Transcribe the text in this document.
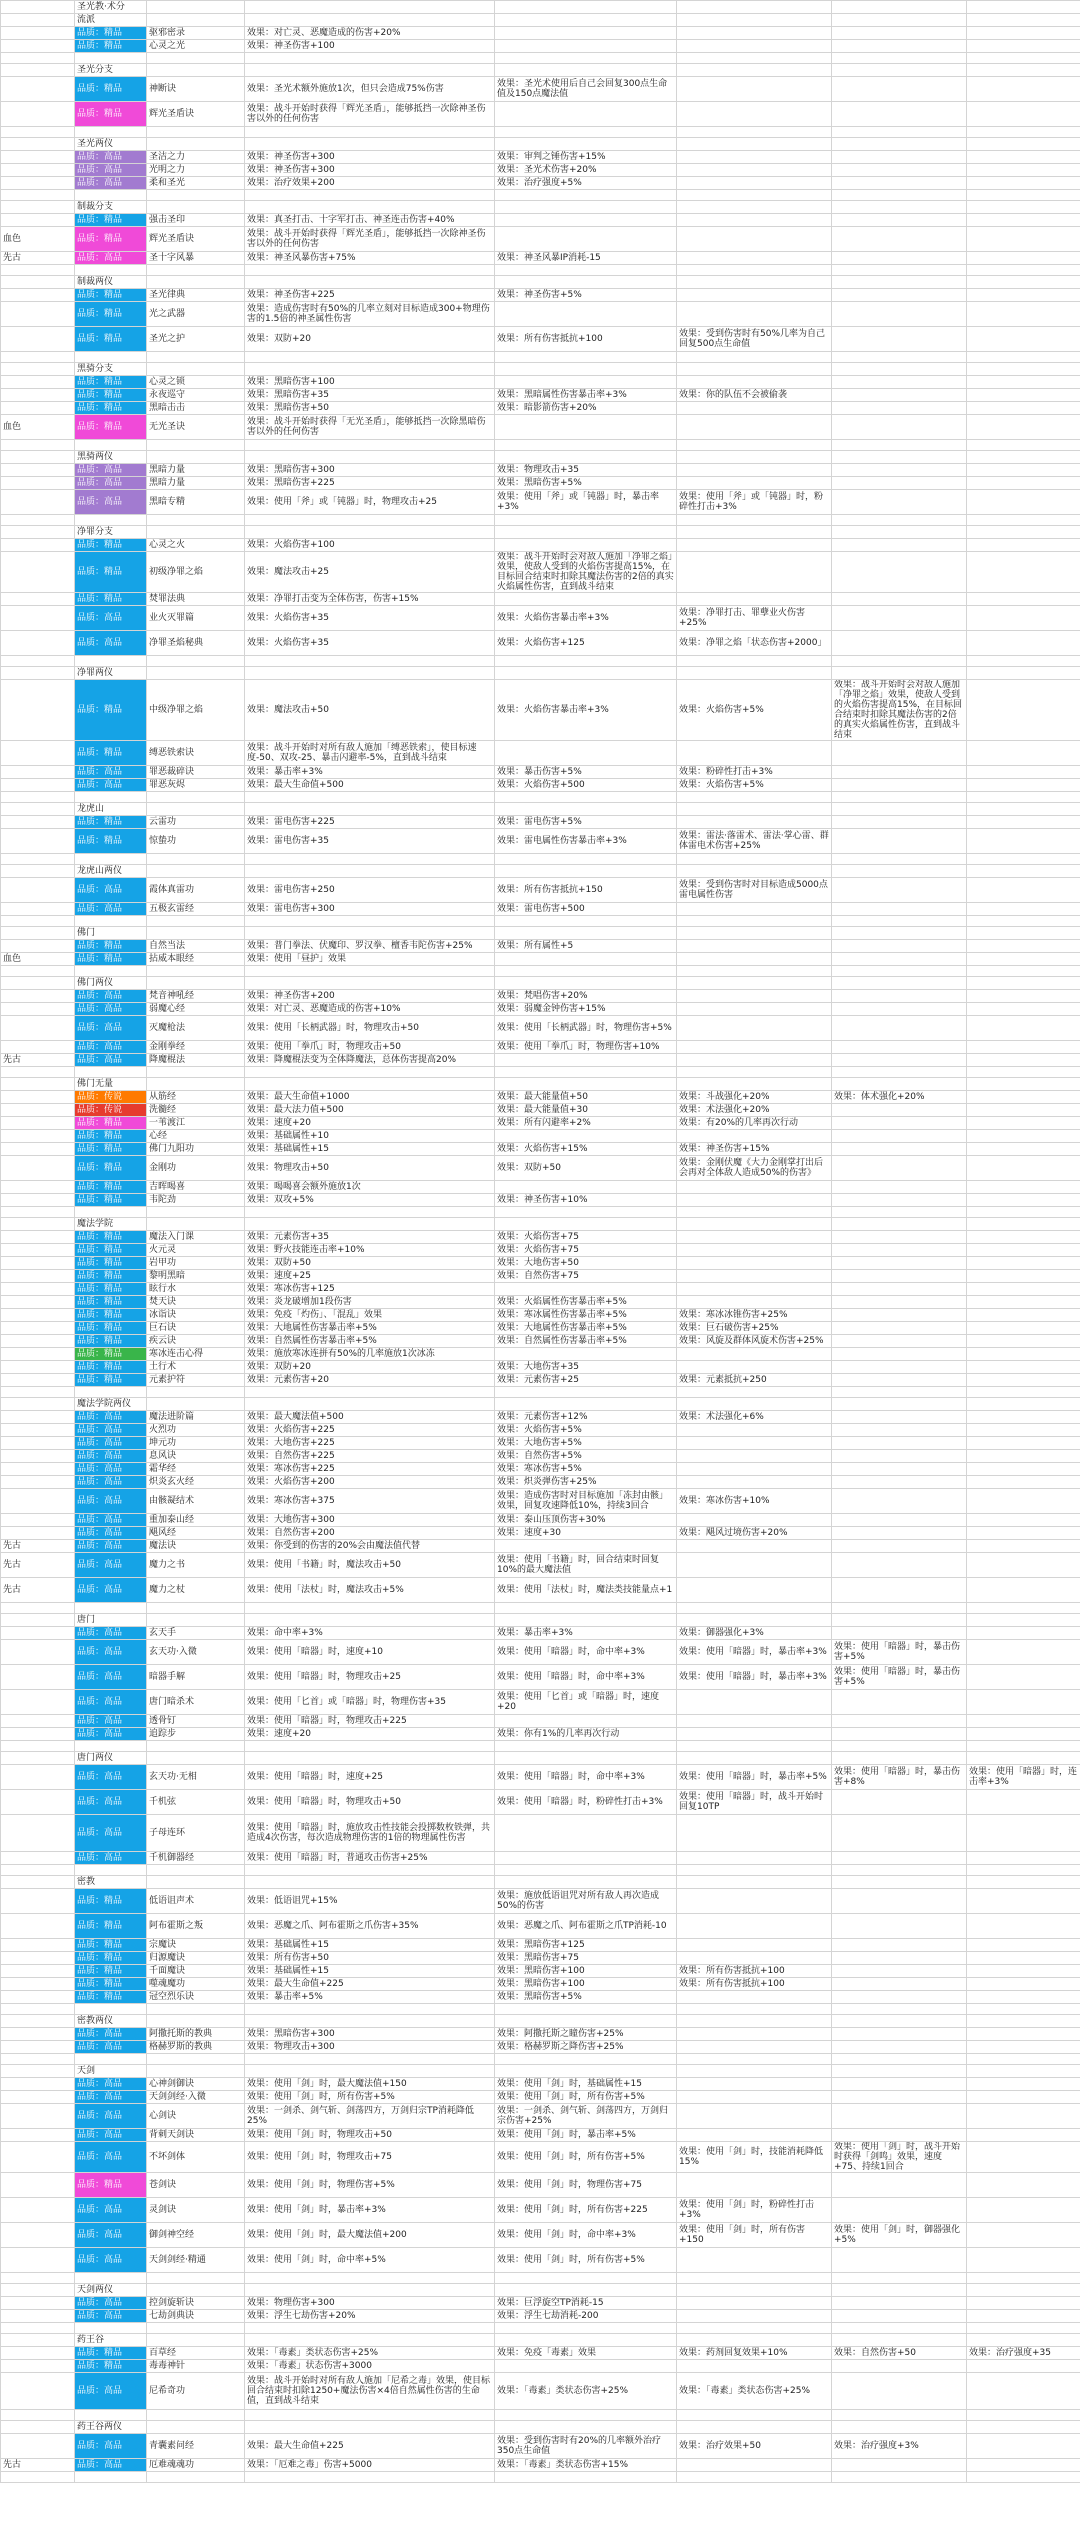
	圣光教·术分						
	流派						
	品质：精品	驱邪密录	效果：对亡灵、恶魔造成的伤害+20%				
	品质：精品	心灵之光	效果：神圣伤害+100				

	圣光分支						
	品质：精品	神断诀	效果：圣光术额外施放1次，但只会造成75%伤害	效果：圣光术使用后自己会回复300点生命值及150点魔法值			
	品质：精品	辉光圣盾诀	效果：战斗开始时获得「辉光圣盾」，能够抵挡一次除神圣伤害以外的任何伤害				

	圣光两仪						
	品质：高品	圣洁之力	效果：神圣伤害+300	效果：审判之锤伤害+15%			
	品质：高品	光明之力	效果：神圣伤害+300	效果：圣光术伤害+20%			
	品质：高品	柔和圣光	效果：治疗效果+200	效果：治疗强度+5%			

	制裁分支						
	品质：精品	强击圣印	效果：真圣打击、十字军打击、神圣连击伤害+40%				
血色	品质：精品	辉光圣盾诀	效果：战斗开始时获得「辉光圣盾」，能够抵挡一次除神圣伤害以外的任何伤害				
先古	品质：高品	圣十字风暴	效果：神圣风暴伤害+75%	效果：神圣风暴IP消耗-15			

	制裁两仪						
	品质：精品	圣光律典	效果：神圣伤害+225	效果：神圣伤害+5%			
	品质：精品	光之武器	效果：造成伤害时有50%的几率立刻对目标造成300+物理伤害的1.5倍的神圣属性伤害				
	品质：精品	圣光之护	效果：双防+20	效果：所有伤害抵抗+100	效果：受到伤害时有50%几率为自己回复500点生命值		

	黑骑分支						
	品质：精品	心灵之锁	效果：黑暗伤害+100				
	品质：精品	永夜巡守	效果：黑暗伤害+35	效果：黑暗属性伤害暴击率+3%	效果：你的队伍不会被偷袭		
	品质：精品	黑暗击击	效果：黑暗伤害+50	效果：暗影箭伤害+20%			
血色	品质：精品	无光圣诀	效果：战斗开始时获得「无光圣盾」，能够抵挡一次除黑暗伤害以外的任何伤害				

	黑骑两仪						
	品质：高品	黑暗力量	效果：黑暗伤害+300	效果：物理攻击+35			
	品质：高品	黑暗力量	效果：黑暗伤害+225	效果：黑暗伤害+5%			
	品质：高品	黑暗专精	效果：使用「斧」或「钝器」时，物理攻击+25	效果：使用「斧」或「钝器」时，暴击率+3%	效果：使用「斧」或「钝器」时，粉碎性打击+3%		

	净罪分支						
	品质：精品	心灵之火	效果：火焰伤害+100				
	品质：精品	初级净罪之焰	效果：魔法攻击+25	效果：战斗开始时会对敌人施加「净罪之焰」效果，使敌人受到的火焰伤害提高15%，在目标回合结束时扣除其魔法伤害的2倍的真实火焰属性伤害，直到战斗结束			
	品质：精品	焚罪法典	效果：净罪打击变为全体伤害，伤害+15%				
	品质：高品	业火灭罪篇	效果：火焰伤害+35	效果：火焰伤害暴击率+3%	效果：净罪打击、罪孽业火伤害+25%		
	品质：高品	净罪圣焰秘典	效果：火焰伤害+35	效果：火焰伤害+125	效果：净罪之焰「状态伤害+2000」		

	净罪两仪						
	品质：精品	中级净罪之焰	效果：魔法攻击+50	效果：火焰伤害暴击率+3%	效果：火焰伤害+5%	效果：战斗开始时会对敌人施加「净罪之焰」效果，使敌人受到的火焰伤害提高15%，在目标回合结束时扣除其魔法伤害的2倍的真实火焰属性伤害，直到战斗结束	
	品质：精品	缚恶铁索诀	效果：战斗开始时对所有敌人施加「缚恶铁索」，使目标速度-50、双攻-25、暴击闪避率-5%，直到战斗结束				
	品质：高品	罪恶裁碎诀	效果：暴击率+3%	效果：暴击伤害+5%	效果：粉碎性打击+3%		
	品质：高品	罪恶灰烬	效果：最大生命值+500	效果：火焰伤害+500	效果：火焰伤害+5%		

	龙虎山						
	品质：精品	云雷功	效果：雷电伤害+225	效果：雷电伤害+5%			
	品质：精品	惊蛰功	效果：雷电伤害+35	效果：雷电属性伤害暴击率+3%	效果：雷法·落雷术、雷法·掌心雷、群体雷电术伤害+25%		

	龙虎山两仪						
	品质：高品	霞体真雷功	效果：雷电伤害+250	效果：所有伤害抵抗+150	效果：受到伤害时对目标造成5000点雷电属性伤害		
	品质：高品	五极玄雷经	效果：雷电伤害+300	效果：雷电伤害+500			

	佛门						
	品质：精品	自然当法	效果：普门拳法、伏魔印、罗汉拳、檀香韦陀伤害+25%	效果：所有属性+5			
血色	品质：精品	拈威本眼经	效果：使用「昼护」效果				

	佛门两仪						
	品质：高品	梵音神吼经	效果：神圣伤害+200	效果：梵唱伤害+20%			
	品质：高品	弱魔心经	效果：对亡灵、恶魔造成的伤害+10%	效果：弱魔金钟伤害+15%			
	品质：高品	灭魔枪法	效果：使用「长柄武器」时，物理攻击+50	效果：使用「长柄武器」时，物理伤害+5%			
	品质：高品	金刚拳经	效果：使用「拳爪」时，物理攻击+50	效果：使用「拳爪」时，物理伤害+10%			
先古	品质：高品	降魔棍法	效果：降魔棍法变为全体降魔法，总体伤害提高20%				

	佛门无量						
	品质：传说	从筋经	效果：最大生命值+1000	效果：最大能量值+50	效果：斗战强化+20%	效果：体术强化+20%	
	品质：传说	洗髓经	效果：最大法力值+500	效果：最大能量值+30	效果：术法强化+20%		
	品质：精品	一苇渡江	效果：速度+20	效果：所有闪避率+2%	效果：有20%的几率再次行动		
	品质：精品	心经	效果：基础属性+10				
	品质：精品	佛门九阳功	效果：基础属性+15	效果：火焰伤害+15%	效果：神圣伤害+15%		
	品质：精品	金刚功	效果：物理攻击+50	效果：双防+50	效果：金刚伏魔《大力金刚掌打出后会再对全体敌人造成50%的伤害》		
	品质：精品	吉晖喝喜	效果：喝喝喜会额外施放1次				
	品质：精品	韦陀劲	效果：双攻+5%	效果：神圣伤害+10%			

	魔法学院						
	品质：精品	魔法入门课	效果：元素伤害+35	效果：火焰伤害+75			
	品质：精品	火元灵	效果：野火技能连击率+10%	效果：火焰伤害+75			
	品质：精品	岩甲功	效果：双防+50	效果：大地伤害+50			
	品质：精品	黎明黑暗	效果：速度+25	效果：自然伤害+75			
	品质：精品	眩行水	效果：寒冰伤害+125				
	品质：精品	焚天诀	效果：炎龙破增加1段伤害	效果：火焰属性伤害暴击率+5%			
	品质：精品	冰诣诀	效果：免疫「灼伤」、「混乱」效果	效果：寒冰属性伤害暴击率+5%	效果：寒冰冰锥伤害+25%		
	品质：精品	巨石诀	效果：大地属性伤害暴击率+5%	效果：大地属性伤害暴击率+5%	效果：巨石破伤害+25%		
	品质：精品	疾云诀	效果：自然属性伤害暴击率+5%	效果：自然属性伤害暴击率+5%	效果：风旋及群体风旋术伤害+25%		
	品质：精品	寒冰连击心得	效果：施放寒冰连拼有50%的几率施放1次冰冻				
	品质：精品	土行术	效果：双防+20	效果：大地伤害+35			
	品质：精品	元素护符	效果：元素伤害+20	效果：元素伤害+25	效果：元素抵抗+250		

	魔法学院两仪						
	品质：高品	魔法进阶篇	效果：最大魔法值+500	效果：元素伤害+12%	效果：术法强化+6%		
	品质：高品	火烈功	效果：火焰伤害+225	效果：火焰伤害+5%			
	品质：高品	坤元功	效果：大地伤害+225	效果：大地伤害+5%			
	品质：高品	息风诀	效果：自然伤害+225	效果：自然伤害+5%			
	品质：高品	霜华经	效果：寒冰伤害+225	效果：寒冰伤害+5%			
	品质：高品	炽炎玄火经	效果：火焰伤害+200	效果：炽炎弹伤害+25%			
	品质：高品	由骸凝结术	效果：寒冰伤害+375	效果：造成伤害时对目标施加「冻封由骸」效果，回复攻速降低10%，持续3回合	效果：寒冰伤害+10%		
	品质：高品	重加泰山经	效果：大地伤害+300	效果：泰山压顶伤害+30%			
	品质：高品	飓风经	效果：自然伤害+200	效果：速度+30	效果：飓风过境伤害+20%		
先古	品质：高品	魔法诀	效果：你受到的伤害的20%会由魔法值代替				
先古	品质：高品	魔力之书	效果：使用「书籍」时，魔法攻击+50	效果：使用「书籍」时，回合结束时回复10%的最大魔法值			
先古	品质：高品	魔力之杖	效果：使用「法杖」时，魔法攻击+5%	效果：使用「法杖」时，魔法类技能量点+1			

	唐门						
	品质：高品	玄天手	效果：命中率+3%	效果：暴击率+3%	效果：御器强化+3%		
	品质：高品	玄天功·入微	效果：使用「暗器」时，速度+10	效果：使用「暗器」时，命中率+3%	效果：使用「暗器」时，暴击率+3%	效果：使用「暗器」时，暴击伤害+5%	
	品质：高品	暗器手解	效果：使用「暗器」时，物理攻击+25	效果：使用「暗器」时，命中率+3%	效果：使用「暗器」时，暴击率+3%	效果：使用「暗器」时，暴击伤害+5%	
	品质：高品	唐门暗杀术	效果：使用「匕首」或「暗器」时，物理伤害+35	效果：使用「匕首」或「暗器」时，速度+20			
	品质：高品	透骨钉	效果：使用「暗器」时，物理攻击+225				
	品质：高品	追踪步	效果：速度+20	效果：你有1%的几率再次行动			

	唐门两仪						
	品质：高品	玄天功·无相	效果：使用「暗器」时，速度+25	效果：使用「暗器」时，命中率+3%	效果：使用「暗器」时，暴击率+5%	效果：使用「暗器」时，暴击伤害+8%	效果：使用「暗器」时，连击率+3%
	品质：高品	千机弦	效果：使用「暗器」时，物理攻击+50	效果：使用「暗器」时，粉碎性打击+3%	效果：使用「暗器」时，战斗开始时回复10TP		
	品质：高品	子母连环	效果：使用「暗器」时，施放攻击性技能会投掷数枚铁弹，共造成4次伤害，每次造成物理伤害的1倍的物理属性伤害				
	品质：高品	千机御器经	效果：使用「暗器」时，普通攻击伤害+25%				

	密教						
	品质：精品	低语诅声术	效果：低语诅咒+15%	效果：施放低语诅咒对所有敌人再次造成50%的伤害			
	品质：精品	阿布霍斯之叛	效果：恶魔之爪、阿布霍斯之爪伤害+35%	效果：恶魔之爪、阿布霍斯之爪TP消耗-10			
	品质：精品	宗魔诀	效果：基础属性+15	效果：黑暗伤害+125			
	品质：精品	归源魔诀	效果：所有伤害+50	效果：黑暗伤害+75			
	品质：精品	千面魔诀	效果：基础属性+15	效果：黑暗伤害+100	效果：所有伤害抵抗+100		
	品质：精品	噬魂魔功	效果：最大生命值+225	效果：黑暗伤害+100	效果：所有伤害抵抗+100		
	品质：精品	冠空烈乐诀	效果：暴击率+5%	效果：黑暗伤害+5%			

	密教两仪						
	品质：高品	阿撒托斯的教典	效果：黑暗伤害+300	效果：阿撒托斯之瞳伤害+25%			
	品质：高品	格赫罗斯的教典	效果：物理攻击+300	效果：格赫罗斯之降伤害+25%			

	天剑						
	品质：高品	心神剑御诀	效果：使用「剑」时，最大魔法值+150	效果：使用「剑」时，基础属性+15			
	品质：高品	天剑剑经·入微	效果：使用「剑」时，所有伤害+5%	效果：使用「剑」时，所有伤害+5%			
	品质：高品	心剑诀	效果：一剑杀、剑气斩、剑荡四方，万剑归宗TP消耗降低25%	效果：一剑杀、剑气斩、剑荡四方，万剑归宗伤害+25%			
	品质：高品	背刺天剑诀	效果：使用「剑」时，物理攻击+50	效果：使用「剑」时，暴击率+5%			
	品质：高品	不坏剑体	效果：使用「剑」时，物理攻击+75	效果：使用「剑」时，所有伤害+5%	效果：使用「剑」时，技能消耗降低15%	效果：使用「剑」时，战斗开始时获得「剑鸣」效果，速度+75、持续1回合	
	品质：精品	苍剑诀	效果：使用「剑」时，物理伤害+5%	效果：使用「剑」时，物理伤害+75			
	品质：高品	灵剑诀	效果：使用「剑」时，暴击率+3%	效果：使用「剑」时，所有伤害+225	效果：使用「剑」时，粉碎性打击+3%		
	品质：高品	御剑神空经	效果：使用「剑」时，最大魔法值+200	效果：使用「剑」时，命中率+3%	效果：使用「剑」时，所有伤害+150	效果：使用「剑」时，御器强化+5%	
	品质：高品	天剑剑经·精通	效果：使用「剑」时，命中率+5%	效果：使用「剑」时，所有伤害+5%			

	天剑两仪						
	品质：高品	控剑旋斩诀	效果：物理伤害+300	效果：巨浮旋空TP消耗-15			
	品质：高品	七劫剑典诀	效果：浮生七劫伤害+20%	效果：浮生七劫消耗-200			

	药王谷						
	品质：精品	百草经	效果：「毒素」类状态伤害+25%	效果：免疫「毒素」效果	效果：药剂回复效果+10%	效果：自然伤害+50	效果：治疗强度+35
	品质：精品	毒毒神针	效果：「毒素」状态伤害+3000				
	品质：高品	尼希奇功	效果：战斗开始时对所有敌人施加「尼希之毒」效果，使目标回合结束时扣除1250+魔法伤害×4倍自然属性伤害的生命值，直到战斗结束	效果：「毒素」类状态伤害+25%	效果：「毒素」类状态伤害+25%		

	药王谷两仪						
	品质：高品	青囊素问经	效果：最大生命值+225	效果：受到伤害时有20%的几率额外治疗350点生命值	效果：治疗效果+50	效果：治疗强度+3%	
先古	品质：高品	厄难魂魂功	效果：「厄难之毒」伤害+5000	效果：「毒素」类状态伤害+15%			
